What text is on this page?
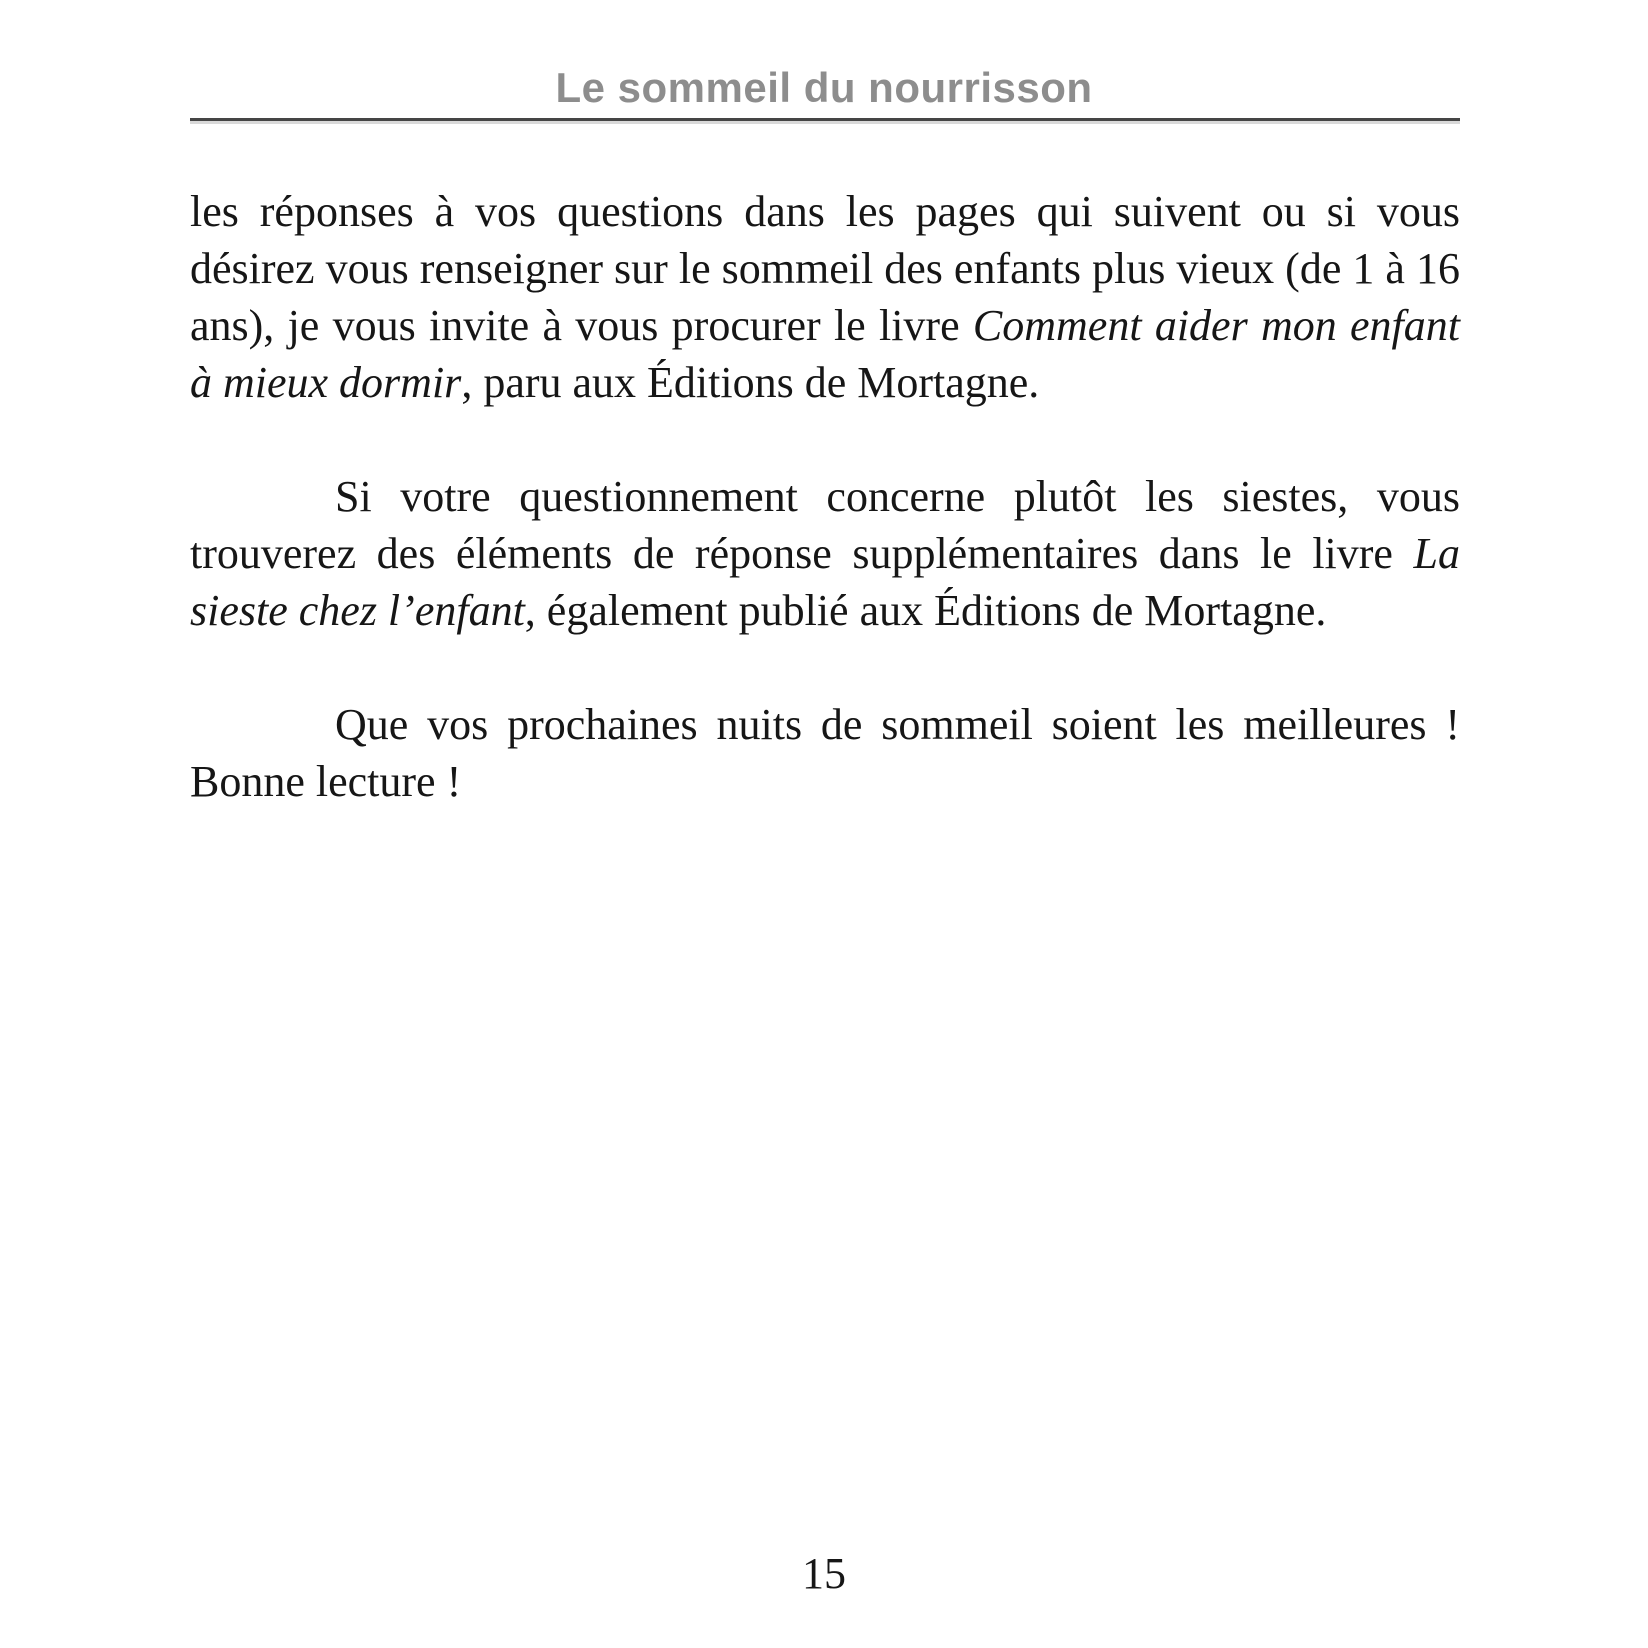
Le sommeil du nourrisson

les réponses à vos questions dans les pages qui suivent ou si vous désirez vous renseigner sur le sommeil des enfants plus vieux (de 1 à 16 ans), je vous invite à vous procurer le livre Comment aider mon enfant à mieux dormir, paru aux Éditions de Mortagne.

Si votre questionnement concerne plutôt les siestes, vous trouverez des éléments de réponse supplémentaires dans le livre La sieste chez l’enfant, également publié aux Éditions de Mortagne.

Que vos prochaines nuits de sommeil soient les meilleures ! Bonne lecture !

15
